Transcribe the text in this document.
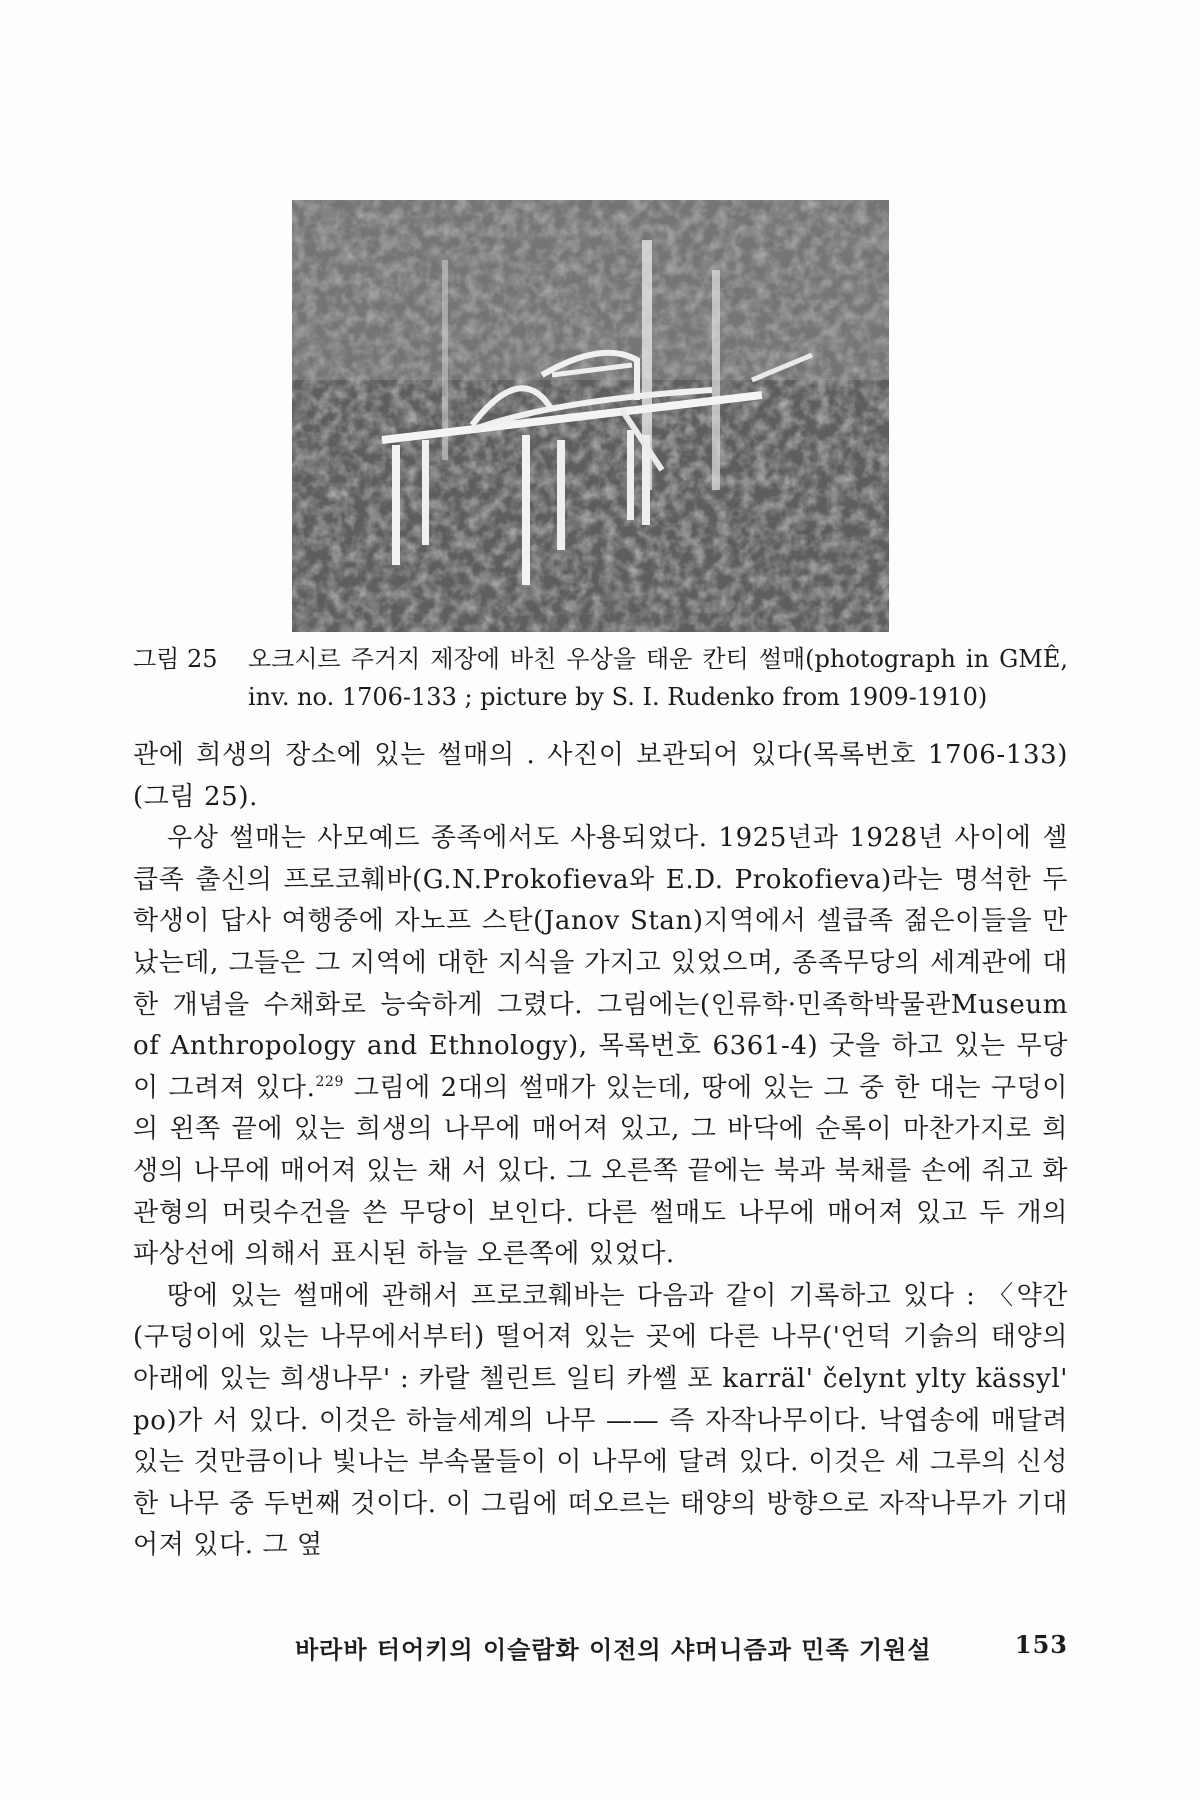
그림 25 오크시르 주거지 제장에 바친 우상을 태운 칸티 썰매(photograph in GMÊ, inv. no. 1706-133 ; picture by S. I. Rudenko from 1909-1910)

관에 희생의 장소에 있는 썰매의 . 사진이 보관되어 있다(목록번호 1706-133)(그림 25).

우상 썰매는 사모예드 종족에서도 사용되었다. 1925년과 1928년 사이에 셀큽족 출신의 프로코훼바(G.N.Prokofieva와 E.D. Prokofieva)라는 명석한 두 학생이 답사 여행중에 자노프 스탄(Janov Stan)지역에서 셀큽족 젊은이들을 만났는데, 그들은 그 지역에 대한 지식을 가지고 있었으며, 종족무당의 세계관에 대한 개념을 수채화로 능숙하게 그렸다. 그림에는(인류학·민족학박물관Museum of Anthropology and Ethnology), 목록번호 6361-4) 굿을 하고 있는 무당이 그려져 있다.$^{229}$ 그림에 2대의 썰매가 있는데, 땅에 있는 그 중 한 대는 구덩이의 왼쪽 끝에 있는 희생의 나무에 매어져 있고, 그 바닥에 순록이 마찬가지로 희생의 나무에 매어져 있는 채 서 있다. 그 오른쪽 끝에는 북과 북채를 손에 쥐고 화관형의 머릿수건을 쓴 무당이 보인다. 다른 썰매도 나무에 매어져 있고 두 개의 파상선에 의해서 표시된 하늘 오른쪽에 있었다.

땅에 있는 썰매에 관해서 프로코훼바는 다음과 같이 기록하고 있다 : 〈약간(구덩이에 있는 나무에서부터) 떨어져 있는 곳에 다른 나무('언덕 기슭의 태양의 아래에 있는 희생나무' : 카랄 첼린트 일티 카쎌 포 karräl' čelynt ylty kässyl' po)가 서 있다. 이것은 하늘세계의 나무 —— 즉 자작나무이다. 낙엽송에 매달려 있는 것만큼이나 빛나는 부속물들이 이 나무에 달려 있다. 이것은 세 그루의 신성한 나무 중 두번째 것이다. 이 그림에 떠오르는 태양의 방향으로 자작나무가 기대어져 있다. 그 옆

바라바 터어키의 이슬람화 이전의 샤머니즘과 민족 기원설	153
